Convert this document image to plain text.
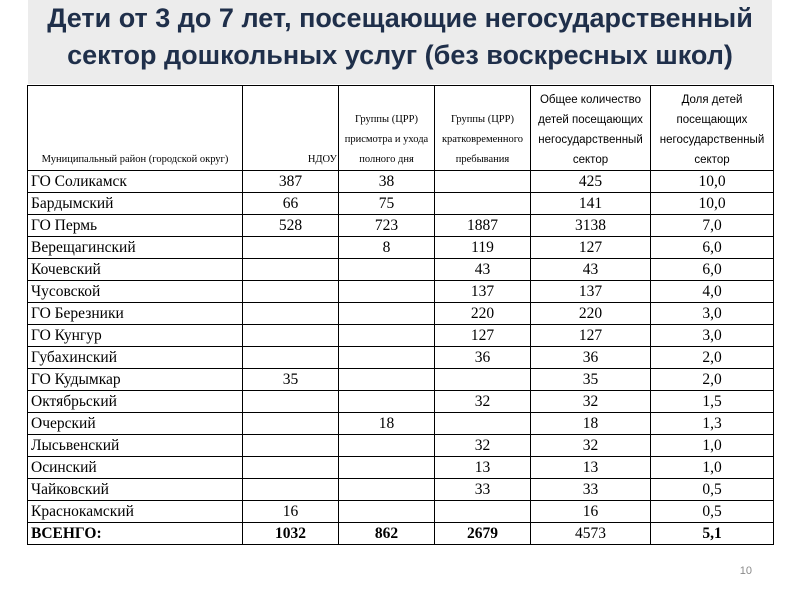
Дети от 3 до 7 лет, посещающие негосударственный сектор дошкольных услуг (без воскресных школ)
Муниципальный район (городской округ)	НДОУ	Группы (ЦРР) присмотра и ухода полного дня	Группы (ЦРР) кратковременного пребывания	Общее количество детей посещающих негосударственный сектор	Доля детей посещающих негосударственный сектор
ГО Соликамск	387	38		425	10,0
Бардымский	66	75		141	10,0
ГО Пермь	528	723	1887	3138	7,0
Верещагинский		8	119	127	6,0
Кочевский			43	43	6,0
Чусовской			137	137	4,0
ГО Березники			220	220	3,0
ГО Кунгур			127	127	3,0
Губахинский			36	36	2,0
ГО Кудымкар	35			35	2,0
Октябрьский			32	32	1,5
Очерский		18		18	1,3
Лысьвенский			32	32	1,0
Осинский			13	13	1,0
Чайковский			33	33	0,5
Краснокамский	16			16	0,5
ВСЕНГО:	1032	862	2679	4573	5,1
10
